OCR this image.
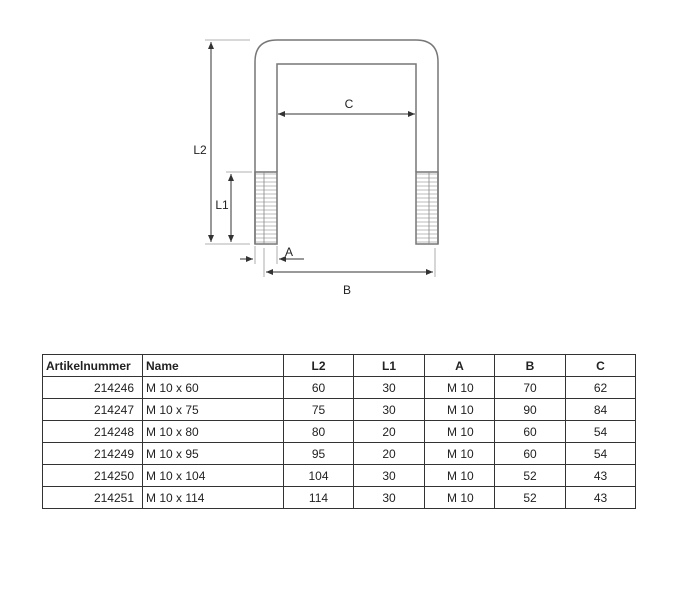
C
L2
L1
A
B
Artikelnummer	Name	L2	L1	A	B	C
214246	M 10 x 60	60	30	M 10	70	62
214247	M 10 x 75	75	30	M 10	90	84
214248	M 10 x 80	80	20	M 10	60	54
214249	M 10 x 95	95	20	M 10	60	54
214250	M 10 x 104	104	30	M 10	52	43
214251	M 10 x 114	114	30	M 10	52	43
